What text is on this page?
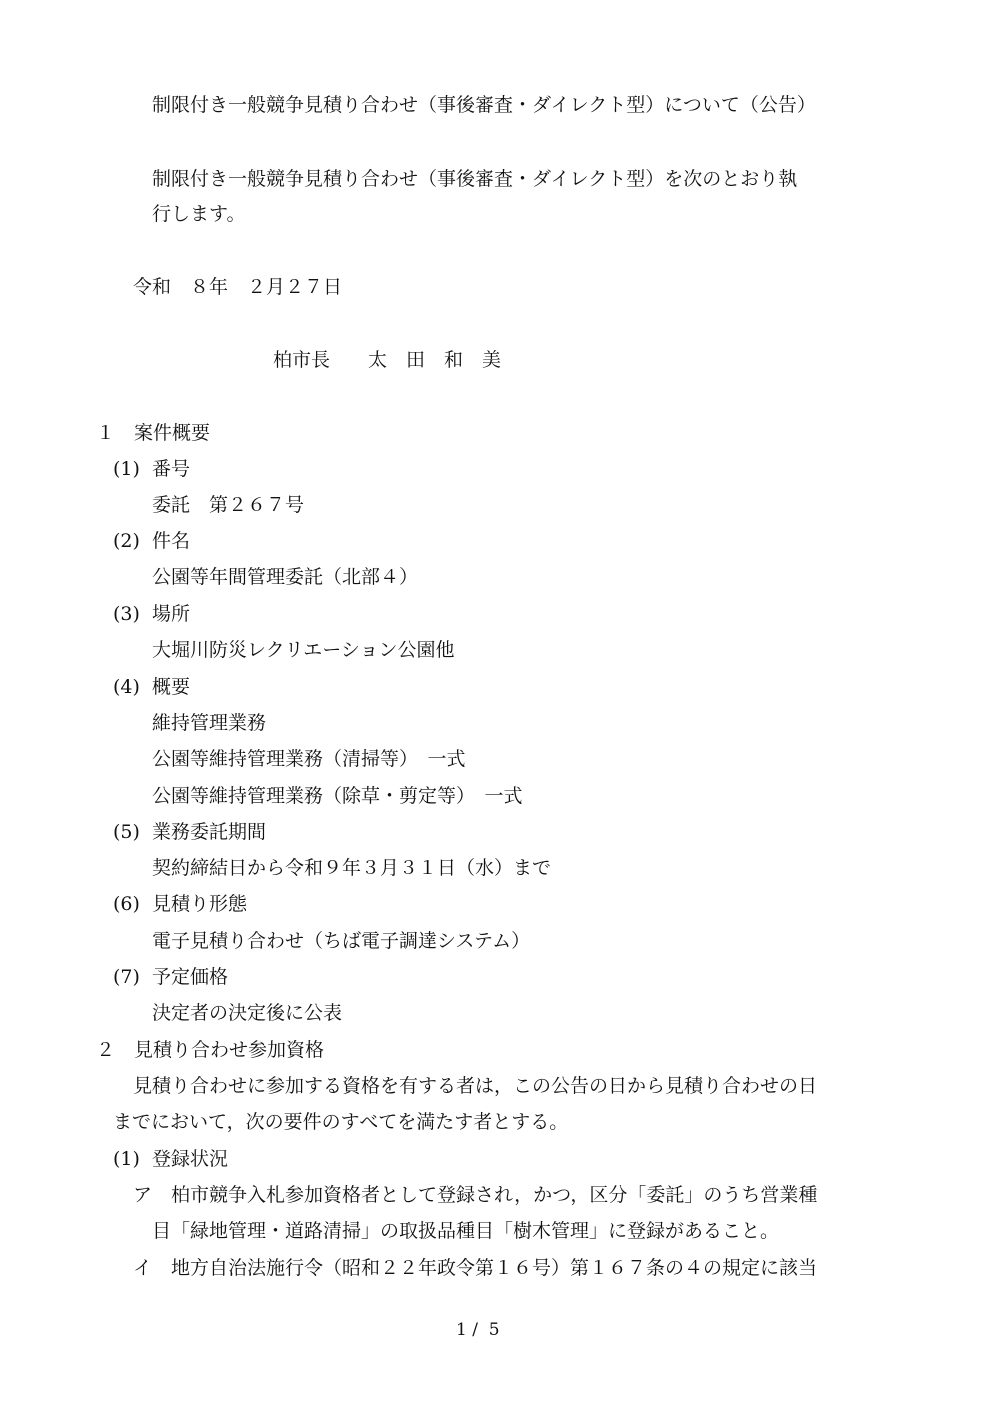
制限付き一般競争見積り合わせ（事後審査・ダイレクト型）について（公告）
制限付き一般競争見積り合わせ（事後審査・ダイレクト型）を次のとおり執
行します。
令和　８年　２月２７日
柏市長　　太　田　和　美
１　案件概要
(1)  番号
委託　第２６７号
(2)  件名
公園等年間管理委託（北部４）
(3)  場所
大堀川防災レクリエーション公園他
(4)  概要
維持管理業務
公園等維持管理業務（清掃等）　一式
公園等維持管理業務（除草・剪定等）　一式
(5)  業務委託期間
契約締結日から令和９年３月３１日（水）まで
(6)  見積り形態
電子見積り合わせ（ちば電子調達システム）
(7)  予定価格
決定者の決定後に公表
２　見積り合わせ参加資格
見積り合わせに参加する資格を有する者は，この公告の日から見積り合わせの日
までにおいて，次の要件のすべてを満たす者とする。
(1)  登録状況
ア　柏市競争入札参加資格者として登録され，かつ，区分「委託」のうち営業種
目「緑地管理・道路清掃」の取扱品種目「樹木管理」に登録があること。
イ　地方自治法施行令（昭和２２年政令第１６号）第１６７条の４の規定に該当
1 /  5
